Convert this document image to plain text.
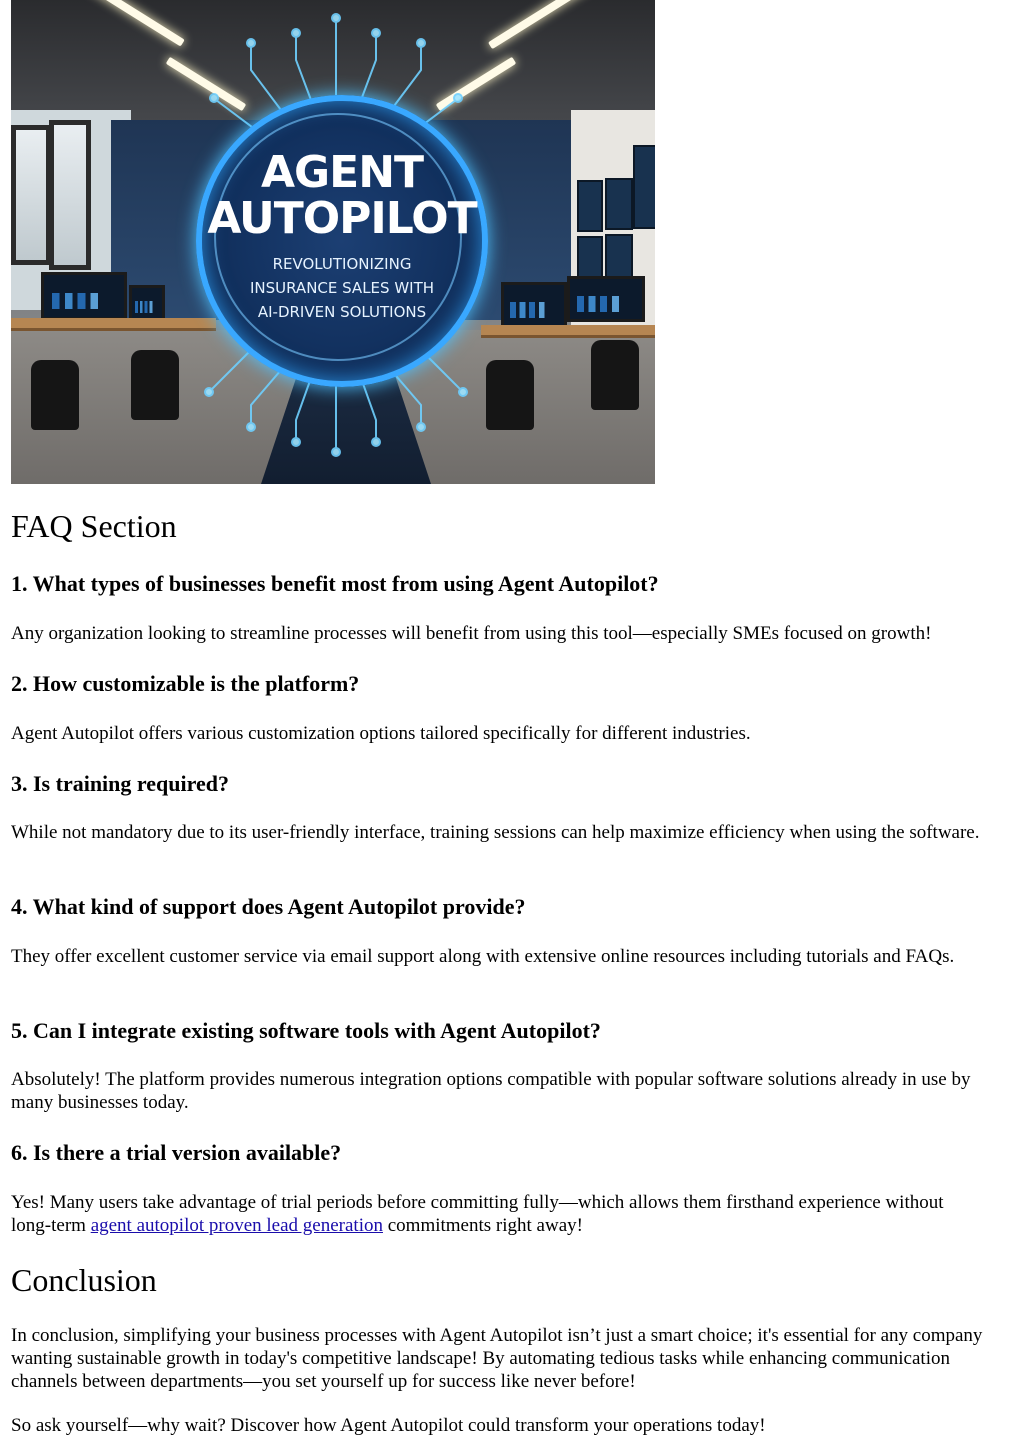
AGENT
AUTOPILOT
REVOLUTIONIZING
INSURANCE SALES WITH
AI-DRIVEN SOLUTIONS
FAQ Section
1. What types of businesses benefit most from using Agent Autopilot?

Any organization looking to streamline processes will benefit from using this tool—especially SMEs focused on growth!

2. How customizable is the platform?

Agent Autopilot offers various customization options tailored specifically for different industries.

3. Is training required?

While not mandatory due to its user-friendly interface, training sessions can help maximize efficiency when using the software.

4. What kind of support does Agent Autopilot provide?

They offer excellent customer service via email support along with extensive online resources including tutorials and FAQs.

5. Can I integrate existing software tools with Agent Autopilot?

Absolutely! The platform provides numerous integration options compatible with popular software solutions already in use by many businesses today.

6. Is there a trial version available?

Yes! Many users take advantage of trial periods before committing fully—which allows them firsthand experience without long-term agent autopilot proven lead generation commitments right away!

Conclusion

In conclusion, simplifying your business processes with Agent Autopilot isn’t just a smart choice; it's essential for any company wanting sustainable growth in today's competitive landscape! By automating tedious tasks while enhancing communication channels between departments—you set yourself up for success like never before!

So ask yourself—why wait? Discover how Agent Autopilot could transform your operations today!
